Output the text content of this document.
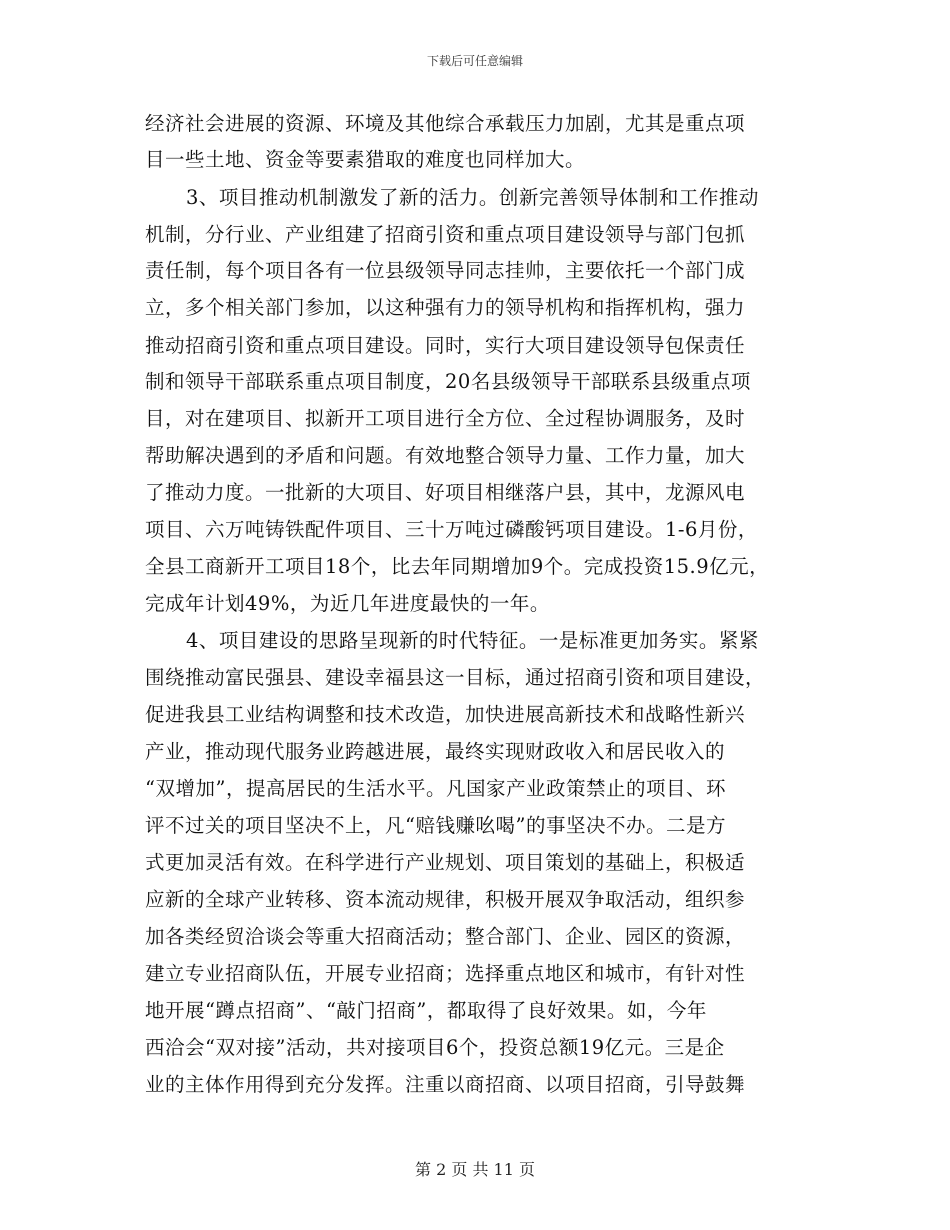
下载后可任意编辑
经济社会进展的资源、环境及其他综合承载压力加剧，尤其是重点项
目一些土地、资金等要素猎取的难度也同样加大。
3、项目推动机制激发了新的活力。创新完善领导体制和工作推动
机制，分行业、产业组建了招商引资和重点项目建设领导与部门包抓
责任制，每个项目各有一位县级领导同志挂帅，主要依托一个部门成
立，多个相关部门参加，以这种强有力的领导机构和指挥机构，强力
推动招商引资和重点项目建设。同时，实行大项目建设领导包保责任
制和领导干部联系重点项目制度，20名县级领导干部联系县级重点项
目，对在建项目、拟新开工项目进行全方位、全过程协调服务，及时
帮助解决遇到的矛盾和问题。有效地整合领导力量、工作力量，加大
了推动力度。一批新的大项目、好项目相继落户县，其中，龙源风电
项目、六万吨铸铁配件项目、三十万吨过磷酸钙项目建设。1-6月份，
全县工商新开工项目18个，比去年同期增加9个。完成投资15.9亿元，
完成年计划49%，为近几年进度最快的一年。
4、项目建设的思路呈现新的时代特征。一是标准更加务实。紧紧
围绕推动富民强县、建设幸福县这一目标，通过招商引资和项目建设，
促进我县工业结构调整和技术改造，加快进展高新技术和战略性新兴
产业，推动现代服务业跨越进展，最终实现财政收入和居民收入的
“双增加”，提高居民的生活水平。凡国家产业政策禁止的项目、环
评不过关的项目坚决不上，凡“赔钱赚吆喝”的事坚决不办。二是方
式更加灵活有效。在科学进行产业规划、项目策划的基础上，积极适
应新的全球产业转移、资本流动规律，积极开展双争取活动，组织参
加各类经贸洽谈会等重大招商活动；整合部门、企业、园区的资源，
建立专业招商队伍，开展专业招商；选择重点地区和城市，有针对性
地开展“蹲点招商”、“敲门招商”，都取得了良好效果。如，今年
西洽会“双对接”活动，共对接项目6个，投资总额19亿元。三是企
业的主体作用得到充分发挥。注重以商招商、以项目招商，引导鼓舞
第 2 页 共 11 页
